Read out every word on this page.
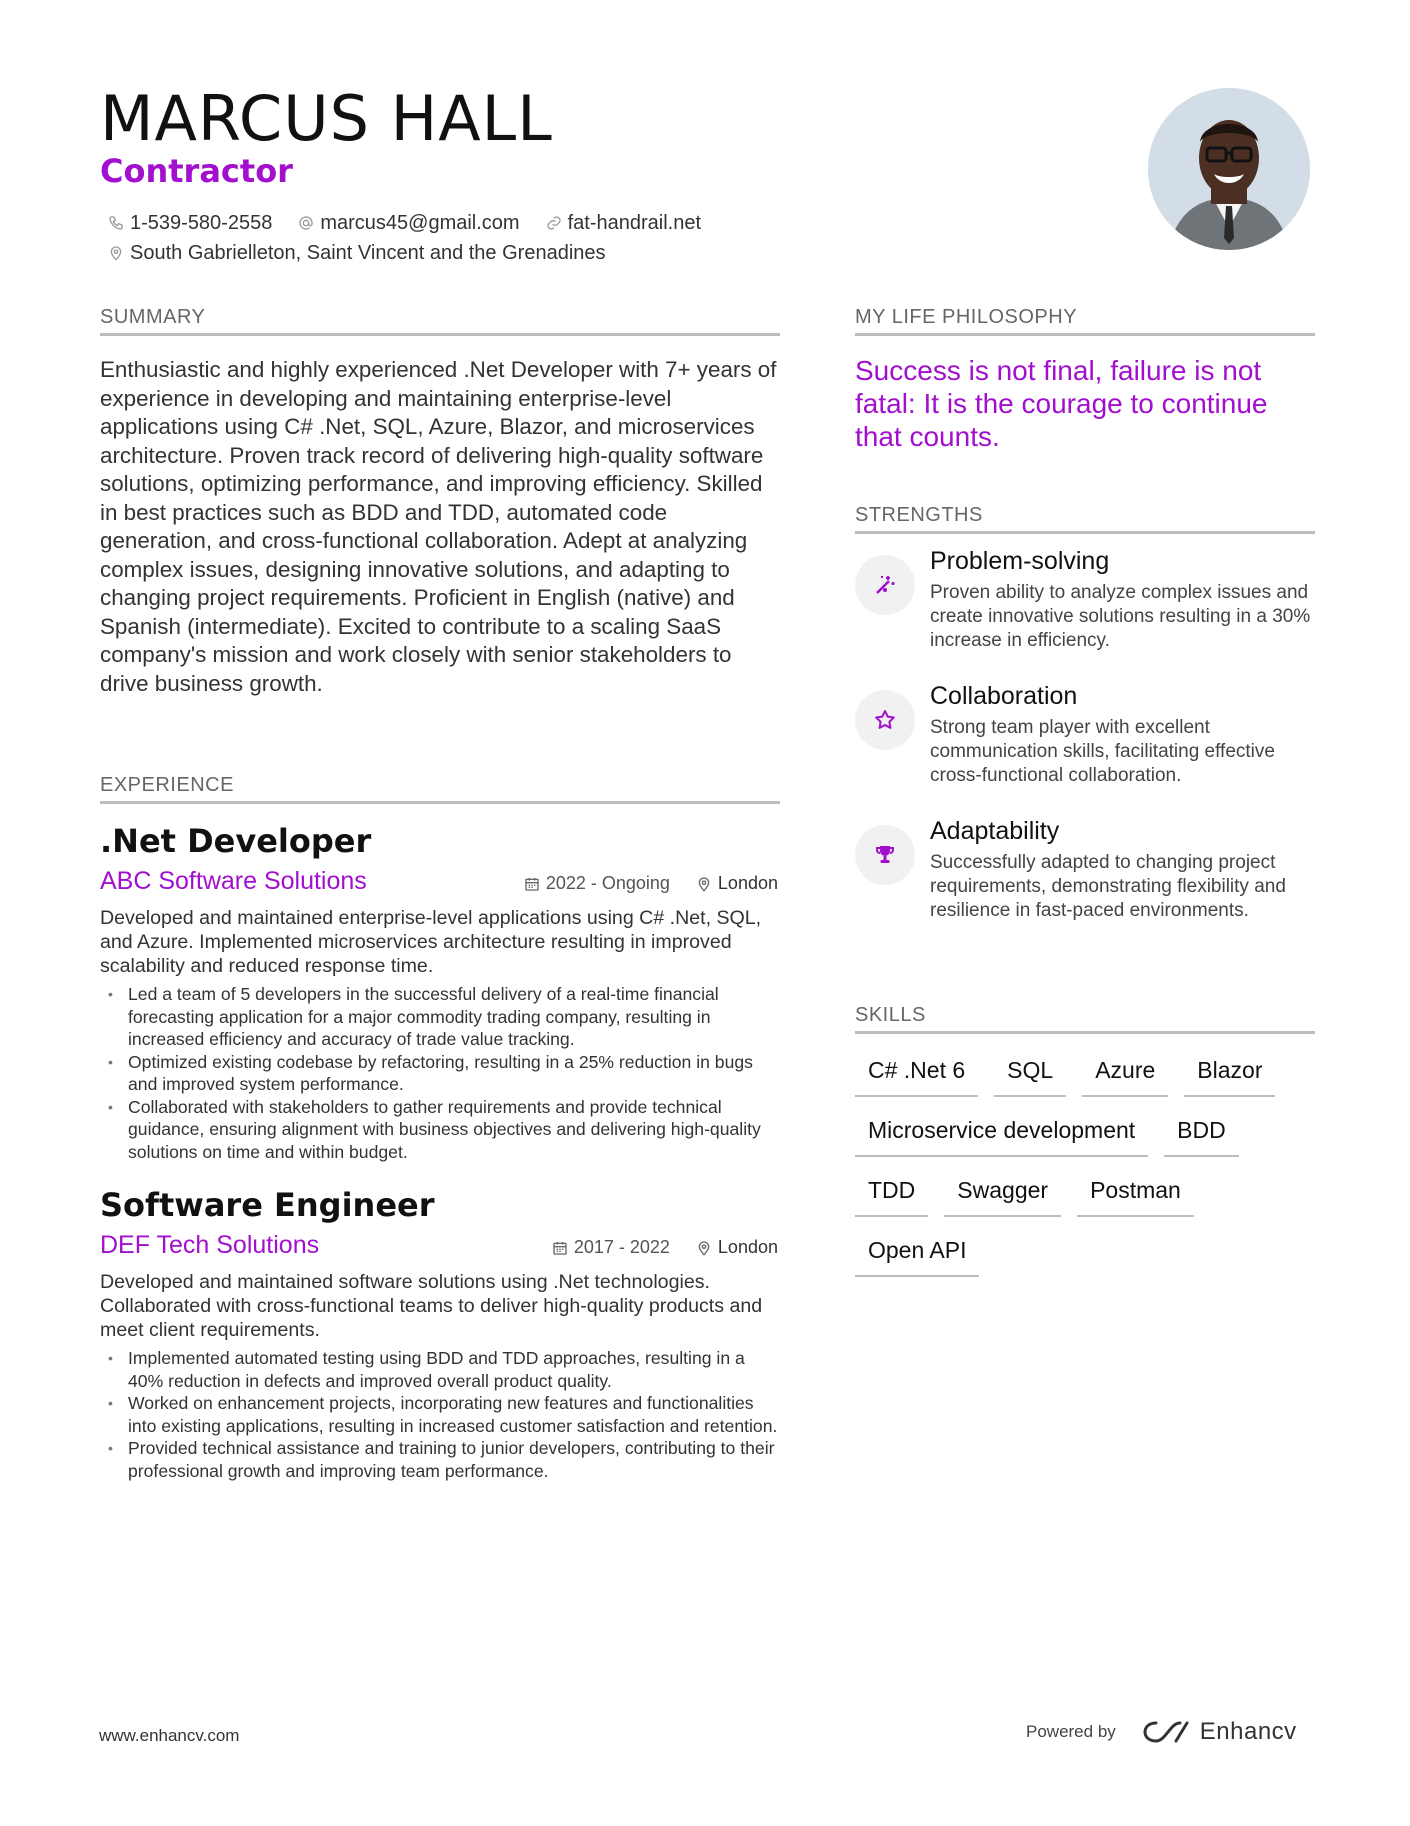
MARCUS HALL
Contractor
1-539-580-2558 marcus45@gmail.com fat-handrail.net
South Gabrielleton, Saint Vincent and the Grenadines
SUMMARY

Enthusiastic and highly experienced .Net Developer with 7+ years of experience in developing and maintaining enterprise-level applications using C# .Net, SQL, Azure, Blazor, and microservices architecture. Proven track record of delivering high-quality software solutions, optimizing performance, and improving efficiency. Skilled in best practices such as BDD and TDD, automated code generation, and cross-functional collaboration. Adept at analyzing complex issues, designing innovative solutions, and adapting to changing project requirements. Proficient in English (native) and Spanish (intermediate). Excited to contribute to a scaling SaaS company's mission and work closely with senior stakeholders to drive business growth.

EXPERIENCE
.Net Developer
ABC Software Solutions	2022 - Ongoing	London

Developed and maintained enterprise-level applications using C# .Net, SQL, and Azure. Implemented microservices architecture resulting in improved scalability and reduced response time.

• Led a team of 5 developers in the successful delivery of a real-time financial forecasting application for a major commodity trading company, resulting in increased efficiency and accuracy of trade value tracking.
• Optimized existing codebase by refactoring, resulting in a 25% reduction in bugs and improved system performance.
• Collaborated with stakeholders to gather requirements and provide technical guidance, ensuring alignment with business objectives and delivering high-quality solutions on time and within budget.
Software Engineer
DEF Tech Solutions	2017 - 2022	London

Developed and maintained software solutions using .Net technologies. Collaborated with cross-functional teams to deliver high-quality products and meet client requirements.

• Implemented automated testing using BDD and TDD approaches, resulting in a 40% reduction in defects and improved overall product quality.
• Worked on enhancement projects, incorporating new features and functionalities into existing applications, resulting in increased customer satisfaction and retention.
• Provided technical assistance and training to junior developers, contributing to their professional growth and improving team performance.
MY LIFE PHILOSOPHY

Success is not final, failure is not fatal: It is the courage to continue that counts.

STRENGTHS
Problem-solving

Proven ability to analyze complex issues and create innovative solutions resulting in a 30% increase in efficiency.

Collaboration

Strong team player with excellent communication skills, facilitating effective cross-functional collaboration.

Adaptability

Successfully adapted to changing project requirements, demonstrating flexibility and resilience in fast-paced environments.

SKILLS
C# .Net 6	SQL	Azure	Blazor
Microservice development	BDD
TDD	Swagger	Postman
Open API
www.enhancv.com	Powered by	Enhancv
